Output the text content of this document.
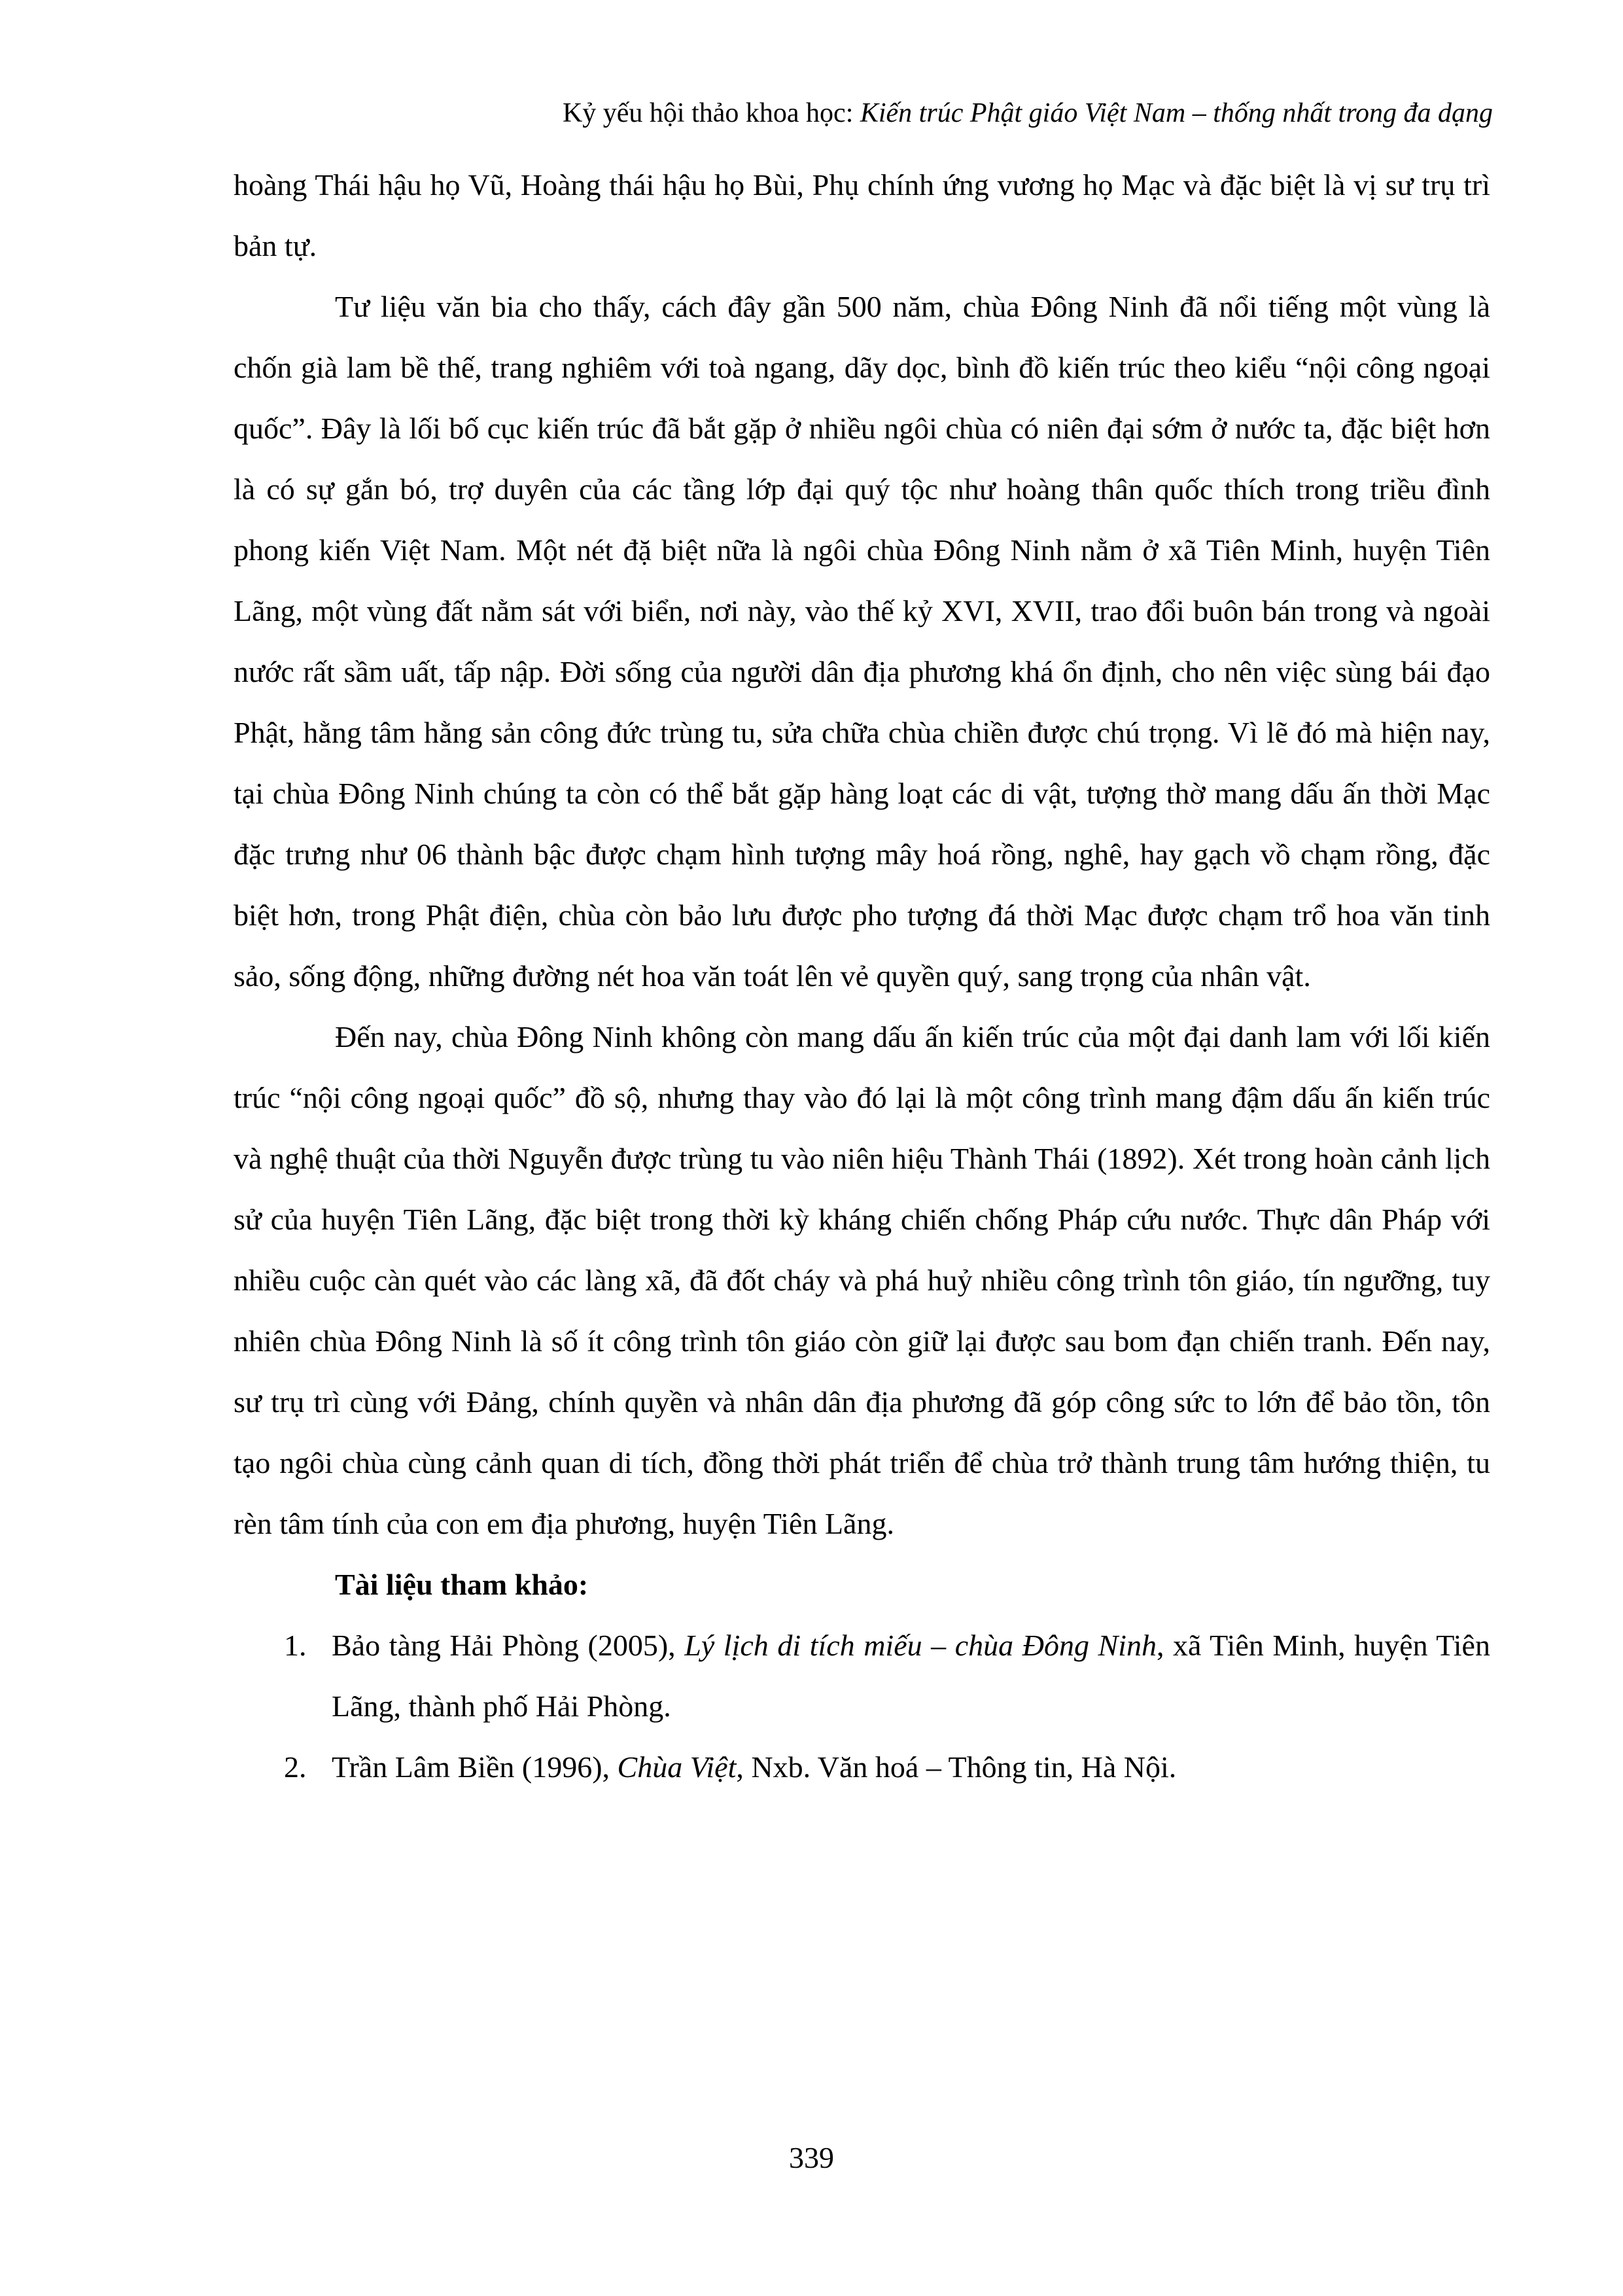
Kỷ yếu hội thảo khoa học: Kiến trúc Phật giáo Việt Nam – thống nhất trong đa dạng

hoàng Thái hậu họ Vũ, Hoàng thái hậu họ Bùi, Phụ chính ứng vương họ Mạc và đặc biệt là vị sư trụ trì bản tự.

Tư liệu văn bia cho thấy, cách đây gần 500 năm, chùa Đông Ninh đã nổi tiếng một vùng là chốn già lam bề thế, trang nghiêm với toà ngang, dãy dọc, bình đồ kiến trúc theo kiểu “nội công ngoại quốc”. Đây là lối bố cục kiến trúc đã bắt gặp ở nhiều ngôi chùa có niên đại sớm ở nước ta, đặc biệt hơn là có sự gắn bó, trợ duyên của các tầng lớp đại quý tộc như hoàng thân quốc thích trong triều đình phong kiến Việt Nam. Một nét đặ biệt nữa là ngôi chùa Đông Ninh nằm ở xã Tiên Minh, huyện Tiên Lãng, một vùng đất nằm sát với biển, nơi này, vào thế kỷ XVI, XVII, trao đổi buôn bán trong và ngoài nước rất sầm uất, tấp nập. Đời sống của người dân địa phương khá ổn định, cho nên việc sùng bái đạo Phật, hằng tâm hằng sản công đức trùng tu, sửa chữa chùa chiền được chú trọng. Vì lẽ đó mà hiện nay, tại chùa Đông Ninh chúng ta còn có thể bắt gặp hàng loạt các di vật, tượng thờ mang dấu ấn thời Mạc đặc trưng như 06 thành bậc được chạm hình tượng mây hoá rồng, nghê, hay gạch vồ chạm rồng, đặc biệt hơn, trong Phật điện, chùa còn bảo lưu được pho tượng đá thời Mạc được chạm trổ hoa văn tinh sảo, sống động, những đường nét hoa văn toát lên vẻ quyền quý, sang trọng của nhân vật.

Đến nay, chùa Đông Ninh không còn mang dấu ấn kiến trúc của một đại danh lam với lối kiến trúc “nội công ngoại quốc” đồ sộ, nhưng thay vào đó lại là một công trình mang đậm dấu ấn kiến trúc và nghệ thuật của thời Nguyễn được trùng tu vào niên hiệu Thành Thái (1892). Xét trong hoàn cảnh lịch sử của huyện Tiên Lãng, đặc biệt trong thời kỳ kháng chiến chống Pháp cứu nước. Thực dân Pháp với nhiều cuộc càn quét vào các làng xã, đã đốt cháy và phá huỷ nhiều công trình tôn giáo, tín ngưỡng, tuy nhiên chùa Đông Ninh là số ít công trình tôn giáo còn giữ lại được sau bom đạn chiến tranh. Đến nay, sư trụ trì cùng với Đảng, chính quyền và nhân dân địa phương đã góp công sức to lớn để bảo tồn, tôn tạo ngôi chùa cùng cảnh quan di tích, đồng thời phát triển để chùa trở thành trung tâm hướng thiện, tu rèn tâm tính của con em địa phương, huyện Tiên Lãng.

Tài liệu tham khảo:

1. Bảo tàng Hải Phòng (2005), Lý lịch di tích miếu – chùa Đông Ninh, xã Tiên Minh, huyện Tiên Lãng, thành phố Hải Phòng.

2. Trần Lâm Biền (1996), Chùa Việt, Nxb. Văn hoá – Thông tin, Hà Nội.

339
